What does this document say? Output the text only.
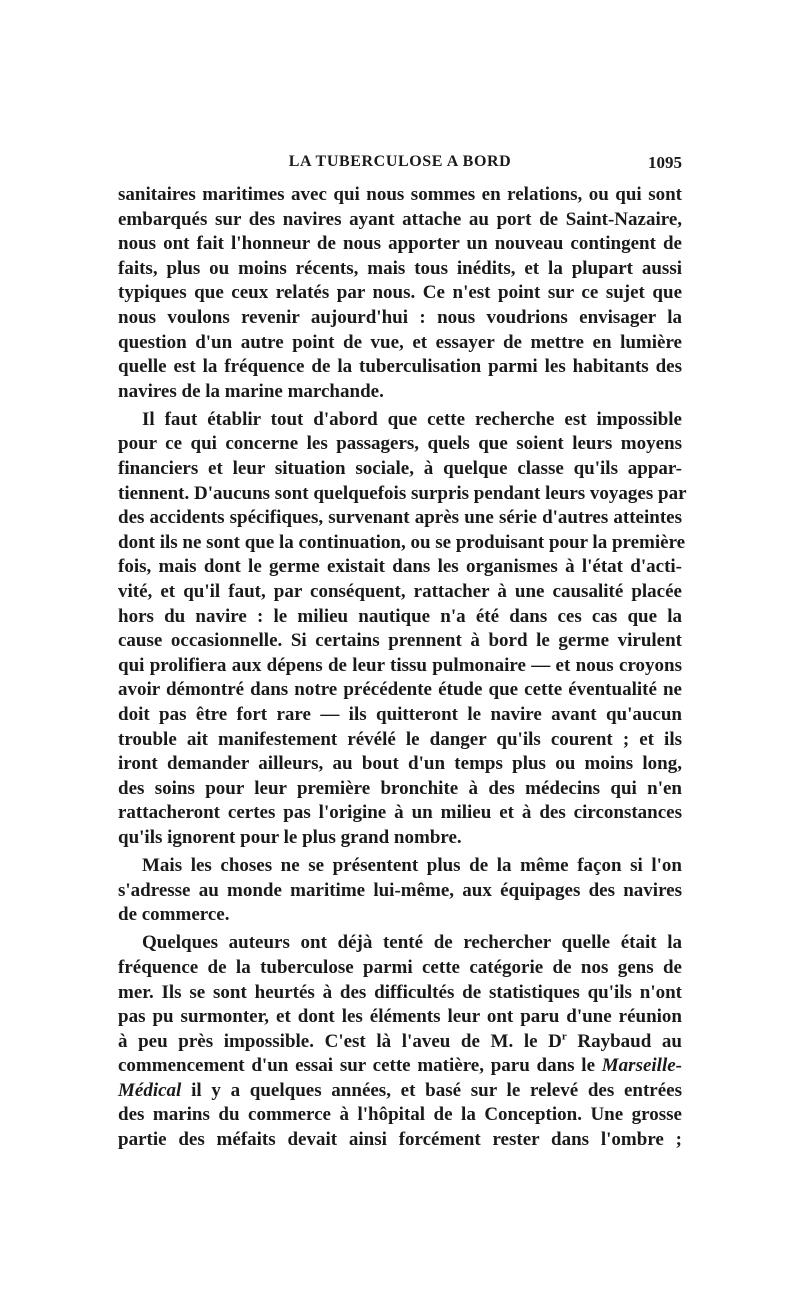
LA TUBERCULOSE A BORD	1095
sanitaires maritimes avec qui nous sommes en relations, ou qui sont
embarqués sur des navires ayant attache au port de Saint-Nazaire,
nous ont fait l'honneur de nous apporter un nouveau contingent de
faits, plus ou moins récents, mais tous inédits, et la plupart aussi
typiques que ceux relatés par nous. Ce n'est point sur ce sujet que
nous voulons revenir aujourd'hui : nous voudrions envisager la
question d'un autre point de vue, et essayer de mettre en lumière
quelle est la fréquence de la tuberculisation parmi les habitants des
navires de la marine marchande.
Il faut établir tout d'abord que cette recherche est impossible
pour ce qui concerne les passagers, quels que soient leurs moyens
financiers et leur situation sociale, à quelque classe qu'ils appar-
tiennent. D'aucuns sont quelquefois surpris pendant leurs voyages par
des accidents spécifiques, survenant après une série d'autres atteintes
dont ils ne sont que la continuation, ou se produisant pour la première
fois, mais dont le germe existait dans les organismes à l'état d'acti-
vité, et qu'il faut, par conséquent, rattacher à une causalité placée
hors du navire : le milieu nautique n'a été dans ces cas que la
cause occasionnelle. Si certains prennent à bord le germe virulent
qui prolifiera aux dépens de leur tissu pulmonaire — et nous croyons
avoir démontré dans notre précédente étude que cette éventualité ne
doit pas être fort rare — ils quitteront le navire avant qu'aucun
trouble ait manifestement révélé le danger qu'ils courent ; et ils
iront demander ailleurs, au bout d'un temps plus ou moins long,
des soins pour leur première bronchite à des médecins qui n'en
rattacheront certes pas l'origine à un milieu et à des circonstances
qu'ils ignorent pour le plus grand nombre.
Mais les choses ne se présentent plus de la même façon si l'on
s'adresse au monde maritime lui-même, aux équipages des navires
de commerce.
Quelques auteurs ont déjà tenté de rechercher quelle était la
fréquence de la tuberculose parmi cette catégorie de nos gens de
mer. Ils se sont heurtés à des difficultés de statistiques qu'ils n'ont
pas pu surmonter, et dont les éléments leur ont paru d'une réunion
à peu près impossible. C'est là l'aveu de M. le $D^r$ Raybaud au
commencement d'un essai sur cette matière, paru dans le Marseille-
Médical il y a quelques années, et basé sur le relevé des entrées
des marins du commerce à l'hôpital de la Conception. Une grosse
partie des méfaits devait ainsi forcément rester dans l'ombre ;
